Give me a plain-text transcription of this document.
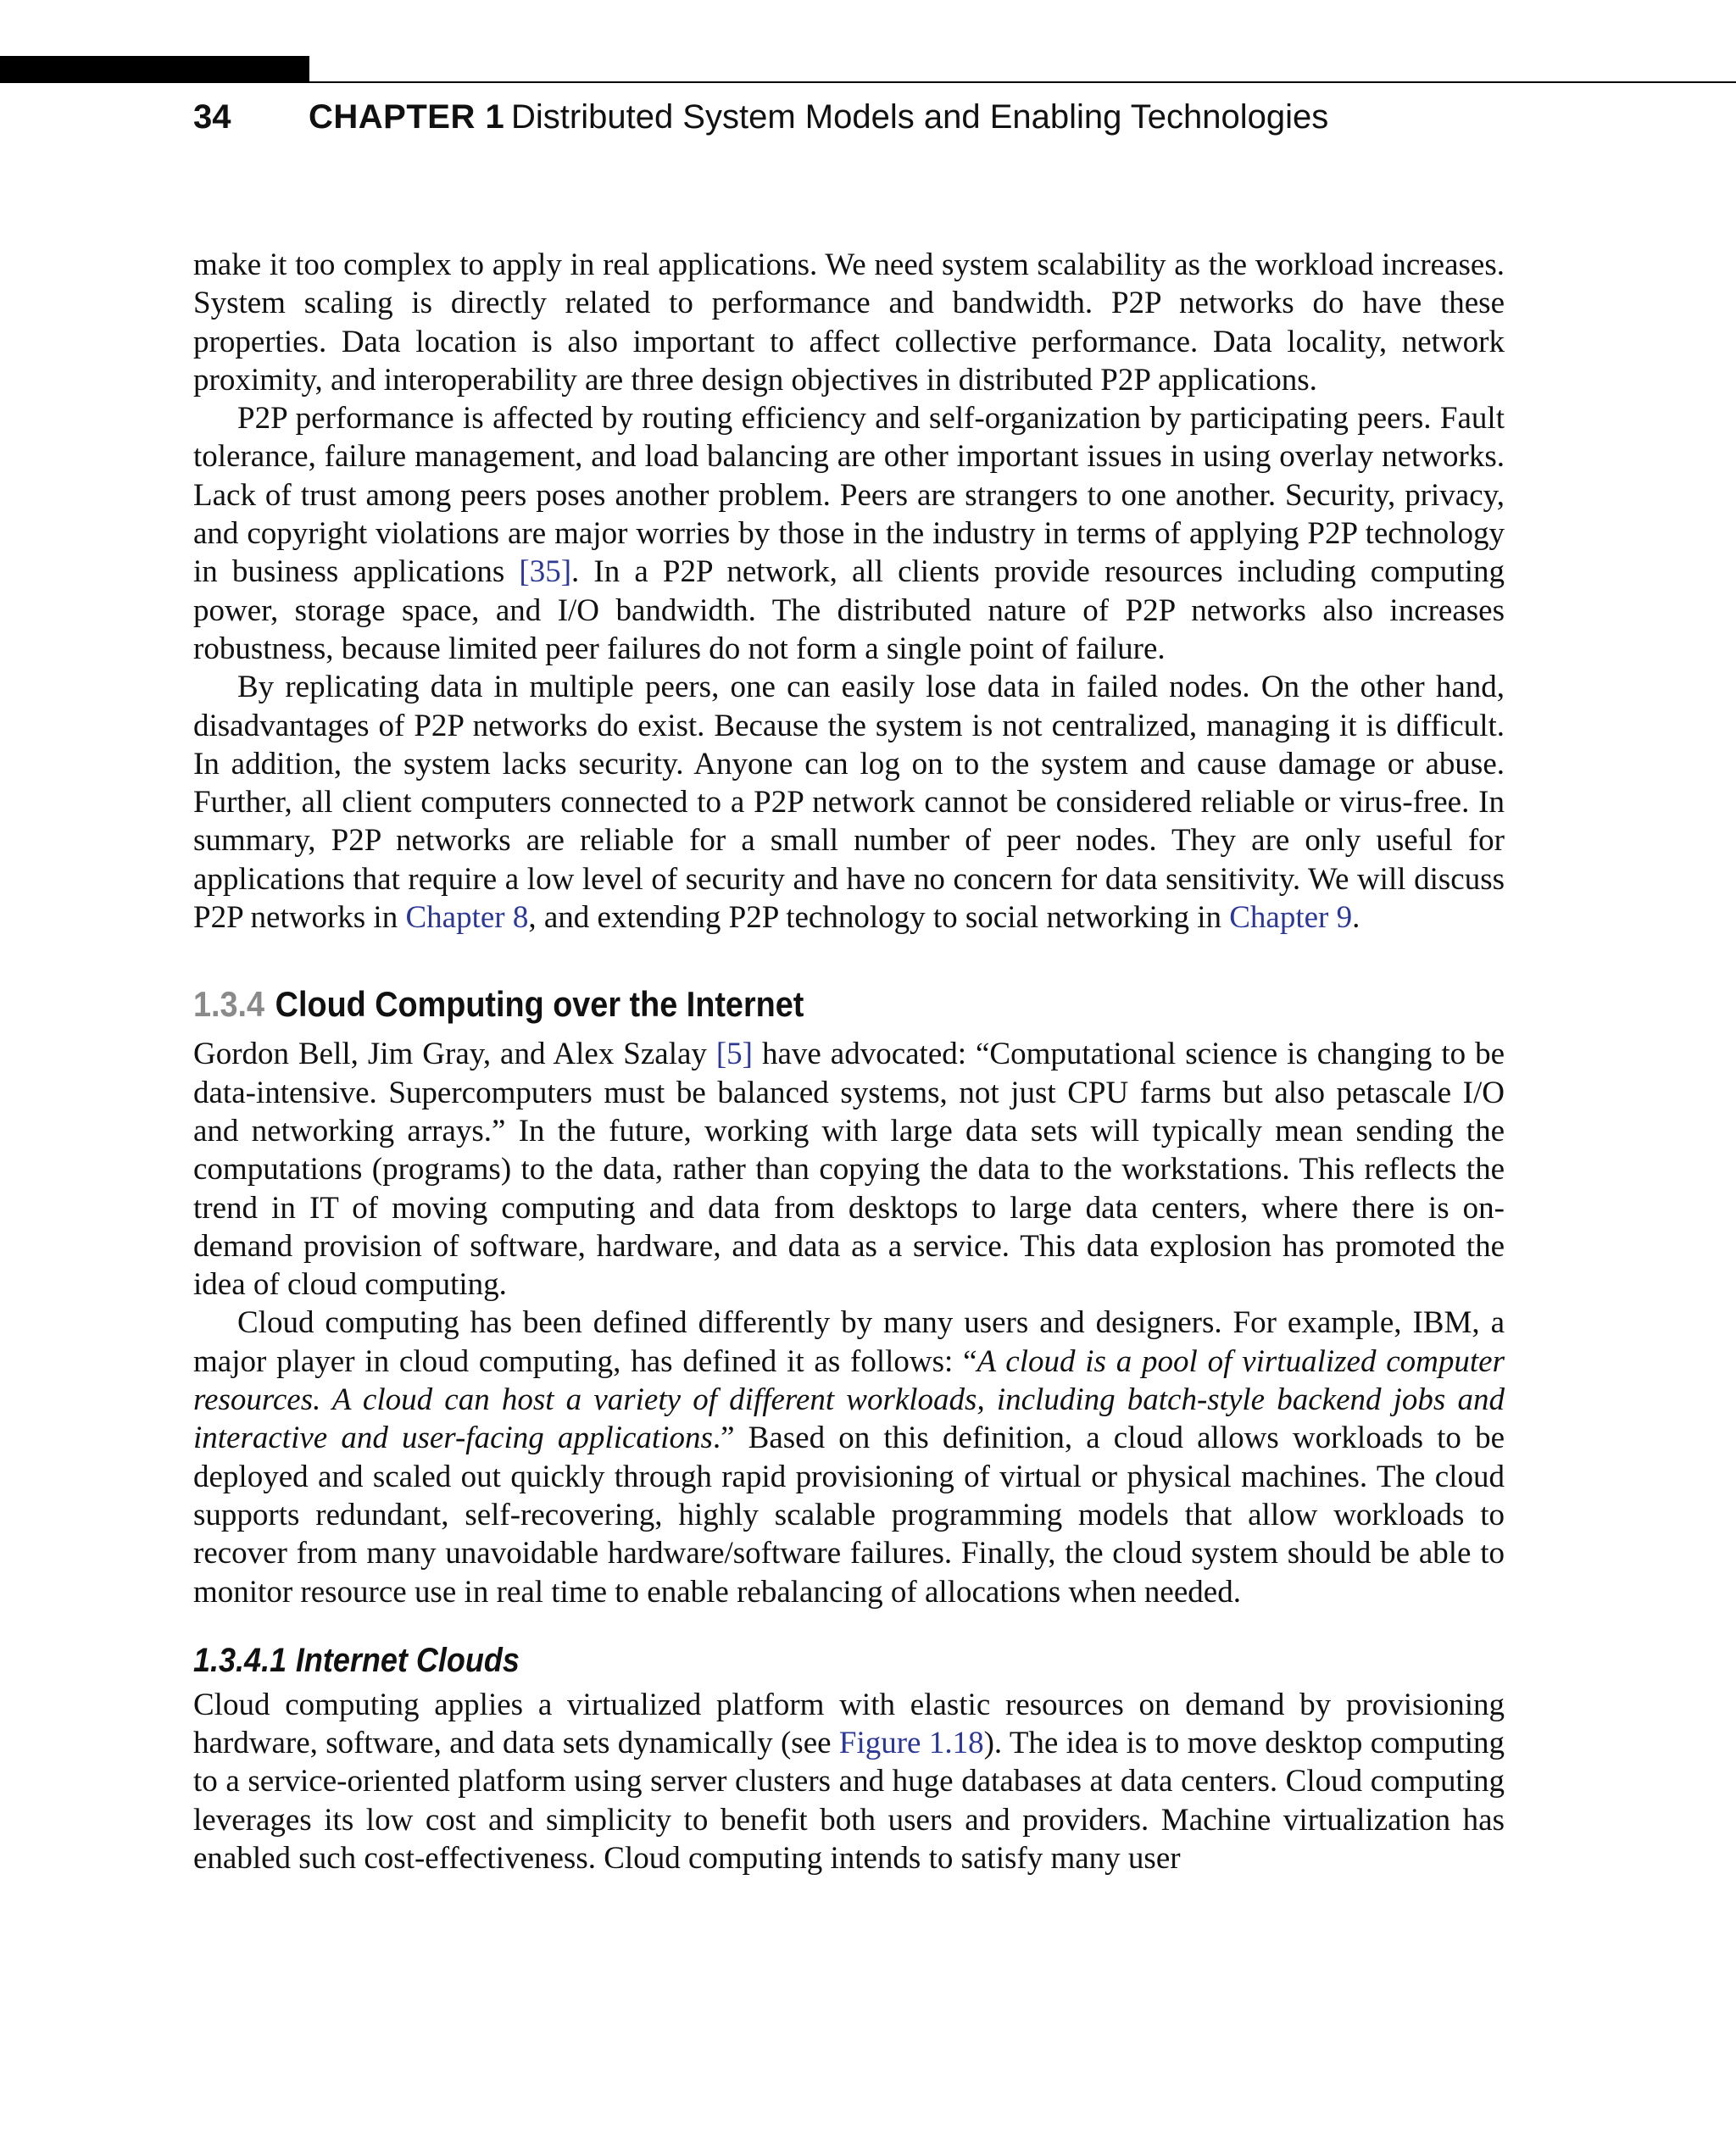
34 CHAPTER 1 Distributed System Models and Enabling Technologies

make it too complex to apply in real applications. We need system scalability as the workload increases. System scaling is directly related to performance and bandwidth. P2P networks do have these properties. Data location is also important to affect collective performance. Data locality, network proximity, and interoperability are three design objectives in distributed P2P applications.

P2P performance is affected by routing efficiency and self-organization by participating peers. Fault tolerance, failure management, and load balancing are other important issues in using overlay networks. Lack of trust among peers poses another problem. Peers are strangers to one another. Security, privacy, and copyright violations are major worries by those in the industry in terms of applying P2P technology in business applications [35]. In a P2P network, all clients provide resources including computing power, storage space, and I/O bandwidth. The distributed nature of P2P networks also increases robustness, because limited peer failures do not form a single point of failure.

By replicating data in multiple peers, one can easily lose data in failed nodes. On the other hand, disadvantages of P2P networks do exist. Because the system is not centralized, managing it is difficult. In addition, the system lacks security. Anyone can log on to the system and cause damage or abuse. Further, all client computers connected to a P2P network cannot be considered reliable or virus-free. In summary, P2P networks are reliable for a small number of peer nodes. They are only useful for applications that require a low level of security and have no concern for data sensitivity. We will discuss P2P networks in Chapter 8, and extending P2P technology to social networking in Chapter 9.

1.3.4 Cloud Computing over the Internet

Gordon Bell, Jim Gray, and Alex Szalay [5] have advocated: “Computational science is changing to be data-intensive. Supercomputers must be balanced systems, not just CPU farms but also petascale I/O and networking arrays.” In the future, working with large data sets will typically mean sending the computations (programs) to the data, rather than copying the data to the workstations. This reflects the trend in IT of moving computing and data from desktops to large data centers, where there is on-demand provision of software, hardware, and data as a service. This data explosion has promoted the idea of cloud computing.

Cloud computing has been defined differently by many users and designers. For example, IBM, a major player in cloud computing, has defined it as follows: “A cloud is a pool of virtualized computer resources. A cloud can host a variety of different workloads, including batch-style backend jobs and interactive and user-facing applications.” Based on this definition, a cloud allows workloads to be deployed and scaled out quickly through rapid provisioning of virtual or physical machines. The cloud supports redundant, self-recovering, highly scalable programming models that allow workloads to recover from many unavoidable hardware/software failures. Finally, the cloud system should be able to monitor resource use in real time to enable rebalancing of allocations when needed.

1.3.4.1 Internet Clouds

Cloud computing applies a virtualized platform with elastic resources on demand by provisioning hardware, software, and data sets dynamically (see Figure 1.18). The idea is to move desktop computing to a service-oriented platform using server clusters and huge databases at data centers. Cloud computing leverages its low cost and simplicity to benefit both users and providers. Machine virtualization has enabled such cost-effectiveness. Cloud computing intends to satisfy many user
